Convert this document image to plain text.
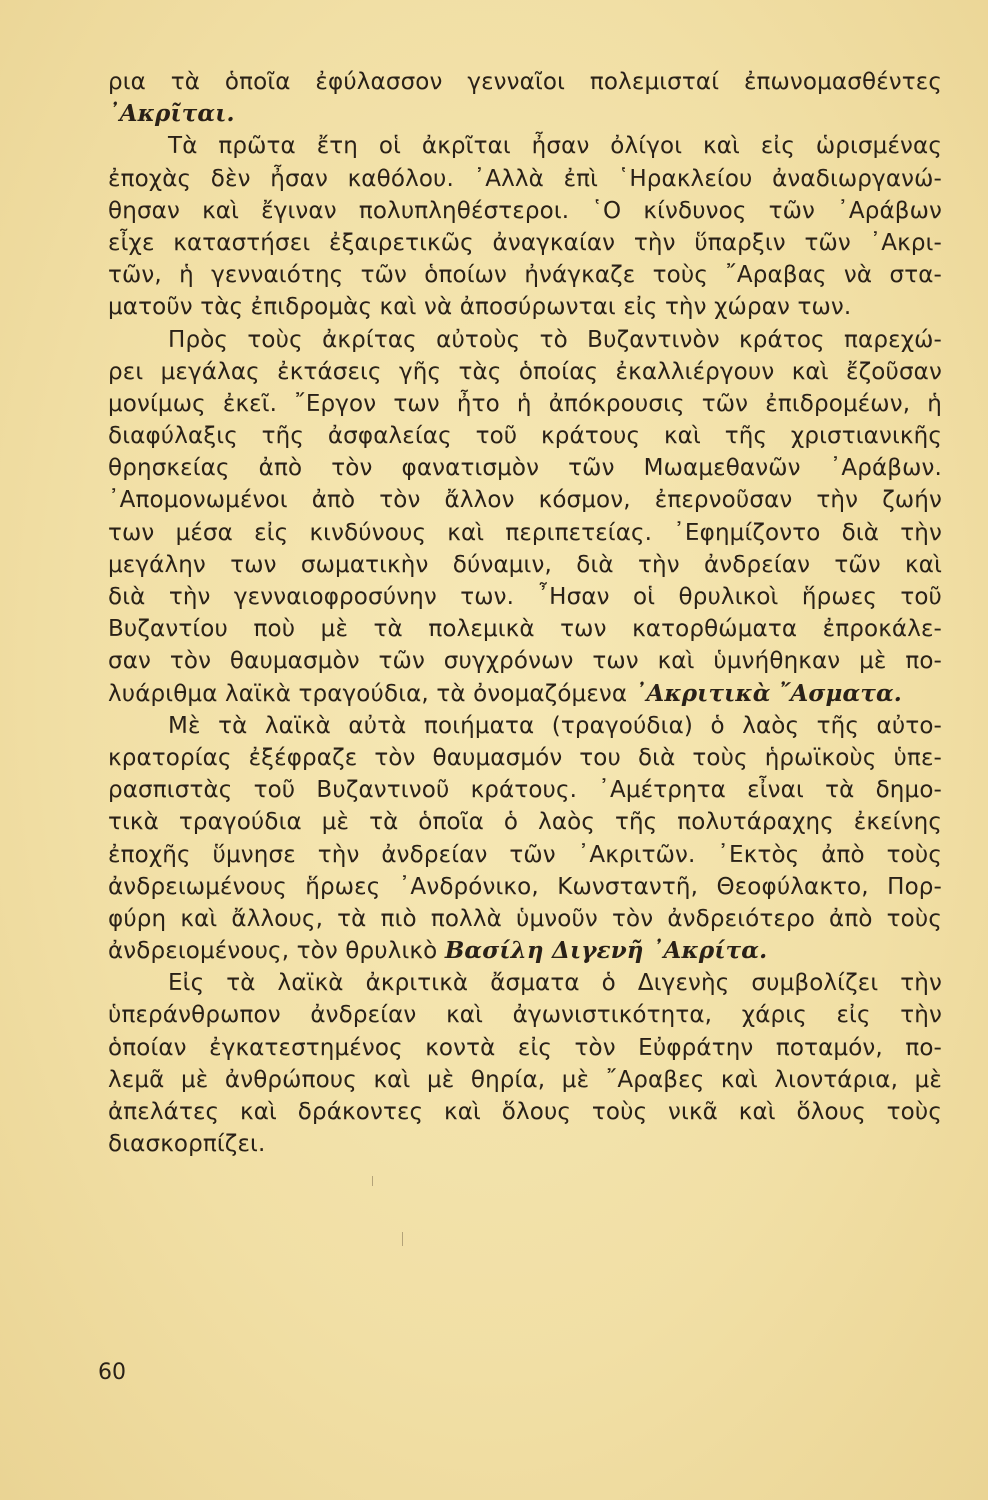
ρια τὰ ὁποῖα ἐφύλασσον γενναῖοι πολεμισταί ἐπωνομασθέντες
᾿Ακρῖται.
Τὰ πρῶτα ἔτη οἱ ἀκρῖται ἦσαν ὀλίγοι καὶ εἰς ὡρισμένας
ἐποχὰς δὲν ἦσαν καθόλου. ᾿Αλλὰ ἐπὶ ῾Ηρακλείου ἀναδιωργανώ-
θησαν καὶ ἔγιναν πολυπληθέστεροι. ῾Ο κίνδυνος τῶν ᾿Αράβων
εἶχε καταστήσει ἐξαιρετικῶς ἀναγκαίαν τὴν ὕπαρξιν τῶν ᾿Ακρι-
τῶν, ἡ γενναιότης τῶν ὁποίων ἠνάγκαζε τοὺς ῎Αραβας νὰ στα-
ματοῦν τὰς ἐπιδρομὰς καὶ νὰ ἀποσύρωνται εἰς τὴν χώραν των.
Πρὸς τοὺς ἀκρίτας αὐτοὺς τὸ Βυζαντινὸν κράτος παρεχώ-
ρει μεγάλας ἐκτάσεις γῆς τὰς ὁποίας ἐκαλλιέργουν καὶ ἔζοῦσαν
μονίμως ἐκεῖ. ῎Εργον των ἦτο ἡ ἀπόκρουσις τῶν ἐπιδρομέων, ἡ
διαφύλαξις τῆς ἀσφαλείας τοῦ κράτους καὶ τῆς χριστιανικῆς
θρησκείας ἀπὸ τὸν φανατισμὸν τῶν Μωαμεθανῶν ᾿Αράβων.
᾿Απομονωμένοι ἀπὸ τὸν ἄλλον κόσμον, ἐπερνοῦσαν τὴν ζωήν
των μέσα εἰς κινδύνους καὶ περιπετείας. ᾿Εφημίζοντο διὰ τὴν
μεγάλην των σωματικὴν δύναμιν, διὰ τὴν ἀνδρείαν τῶν καὶ
διὰ τὴν γενναιοφροσύνην των. ῏Ησαν οἱ θρυλικοὶ ἥρωες τοῦ
Βυζαντίου ποὺ μὲ τὰ πολεμικὰ των κατορθώματα ἐπροκάλε-
σαν τὸν θαυμασμὸν τῶν συγχρόνων των καὶ ὑμνήθηκαν μὲ πο-
λυάριθμα λαϊκὰ τραγούδια, τὰ ὀνομαζόμενα ᾿Ακριτικὰ ῎Ασματα.
Μὲ τὰ λαϊκὰ αὐτὰ ποιήματα (τραγούδια) ὁ λαὸς τῆς αὐτο-
κρατορίας ἐξέφραζε τὸν θαυμασμόν του διὰ τοὺς ἡρωϊκοὺς ὑπε-
ρασπιστὰς τοῦ Βυζαντινοῦ κράτους. ᾿Αμέτρητα εἶναι τὰ δημο-
τικὰ τραγούδια μὲ τὰ ὁποῖα ὁ λαὸς τῆς πολυτάραχης ἐκείνης
ἐποχῆς ὕμνησε τὴν ἀνδρείαν τῶν ᾿Ακριτῶν. ᾿Εκτὸς ἀπὸ τοὺς
ἀνδρειωμένους ἥρωες ᾿Ανδρόνικο, Κωνσταντῆ, Θεοφύλακτο, Πορ-
φύρη καὶ ἄλλους, τὰ πιὸ πολλὰ ὑμνοῦν τὸν ἀνδρειότερο ἀπὸ τοὺς
ἀνδρειομένους, τὸν θρυλικὸ Βασίλη Διγενῆ ᾿Ακρίτα.
Εἰς τὰ λαϊκὰ ἀκριτικὰ ἄσματα ὁ Διγενὴς συμβολίζει τὴν
ὑπεράνθρωπον ἀνδρείαν καὶ ἀγωνιστικότητα, χάρις εἰς τὴν
ὁποίαν ἐγκατεστημένος κοντὰ εἰς τὸν Εὐφράτην ποταμόν, πο-
λεμᾶ μὲ ἀνθρώπους καὶ μὲ θηρία, μὲ ῎Αραβες καὶ λιοντάρια, μὲ
ἀπελάτες καὶ δράκοντες καὶ ὅλους τοὺς νικᾶ καὶ ὅλους τοὺς
διασκορπίζει.
60
